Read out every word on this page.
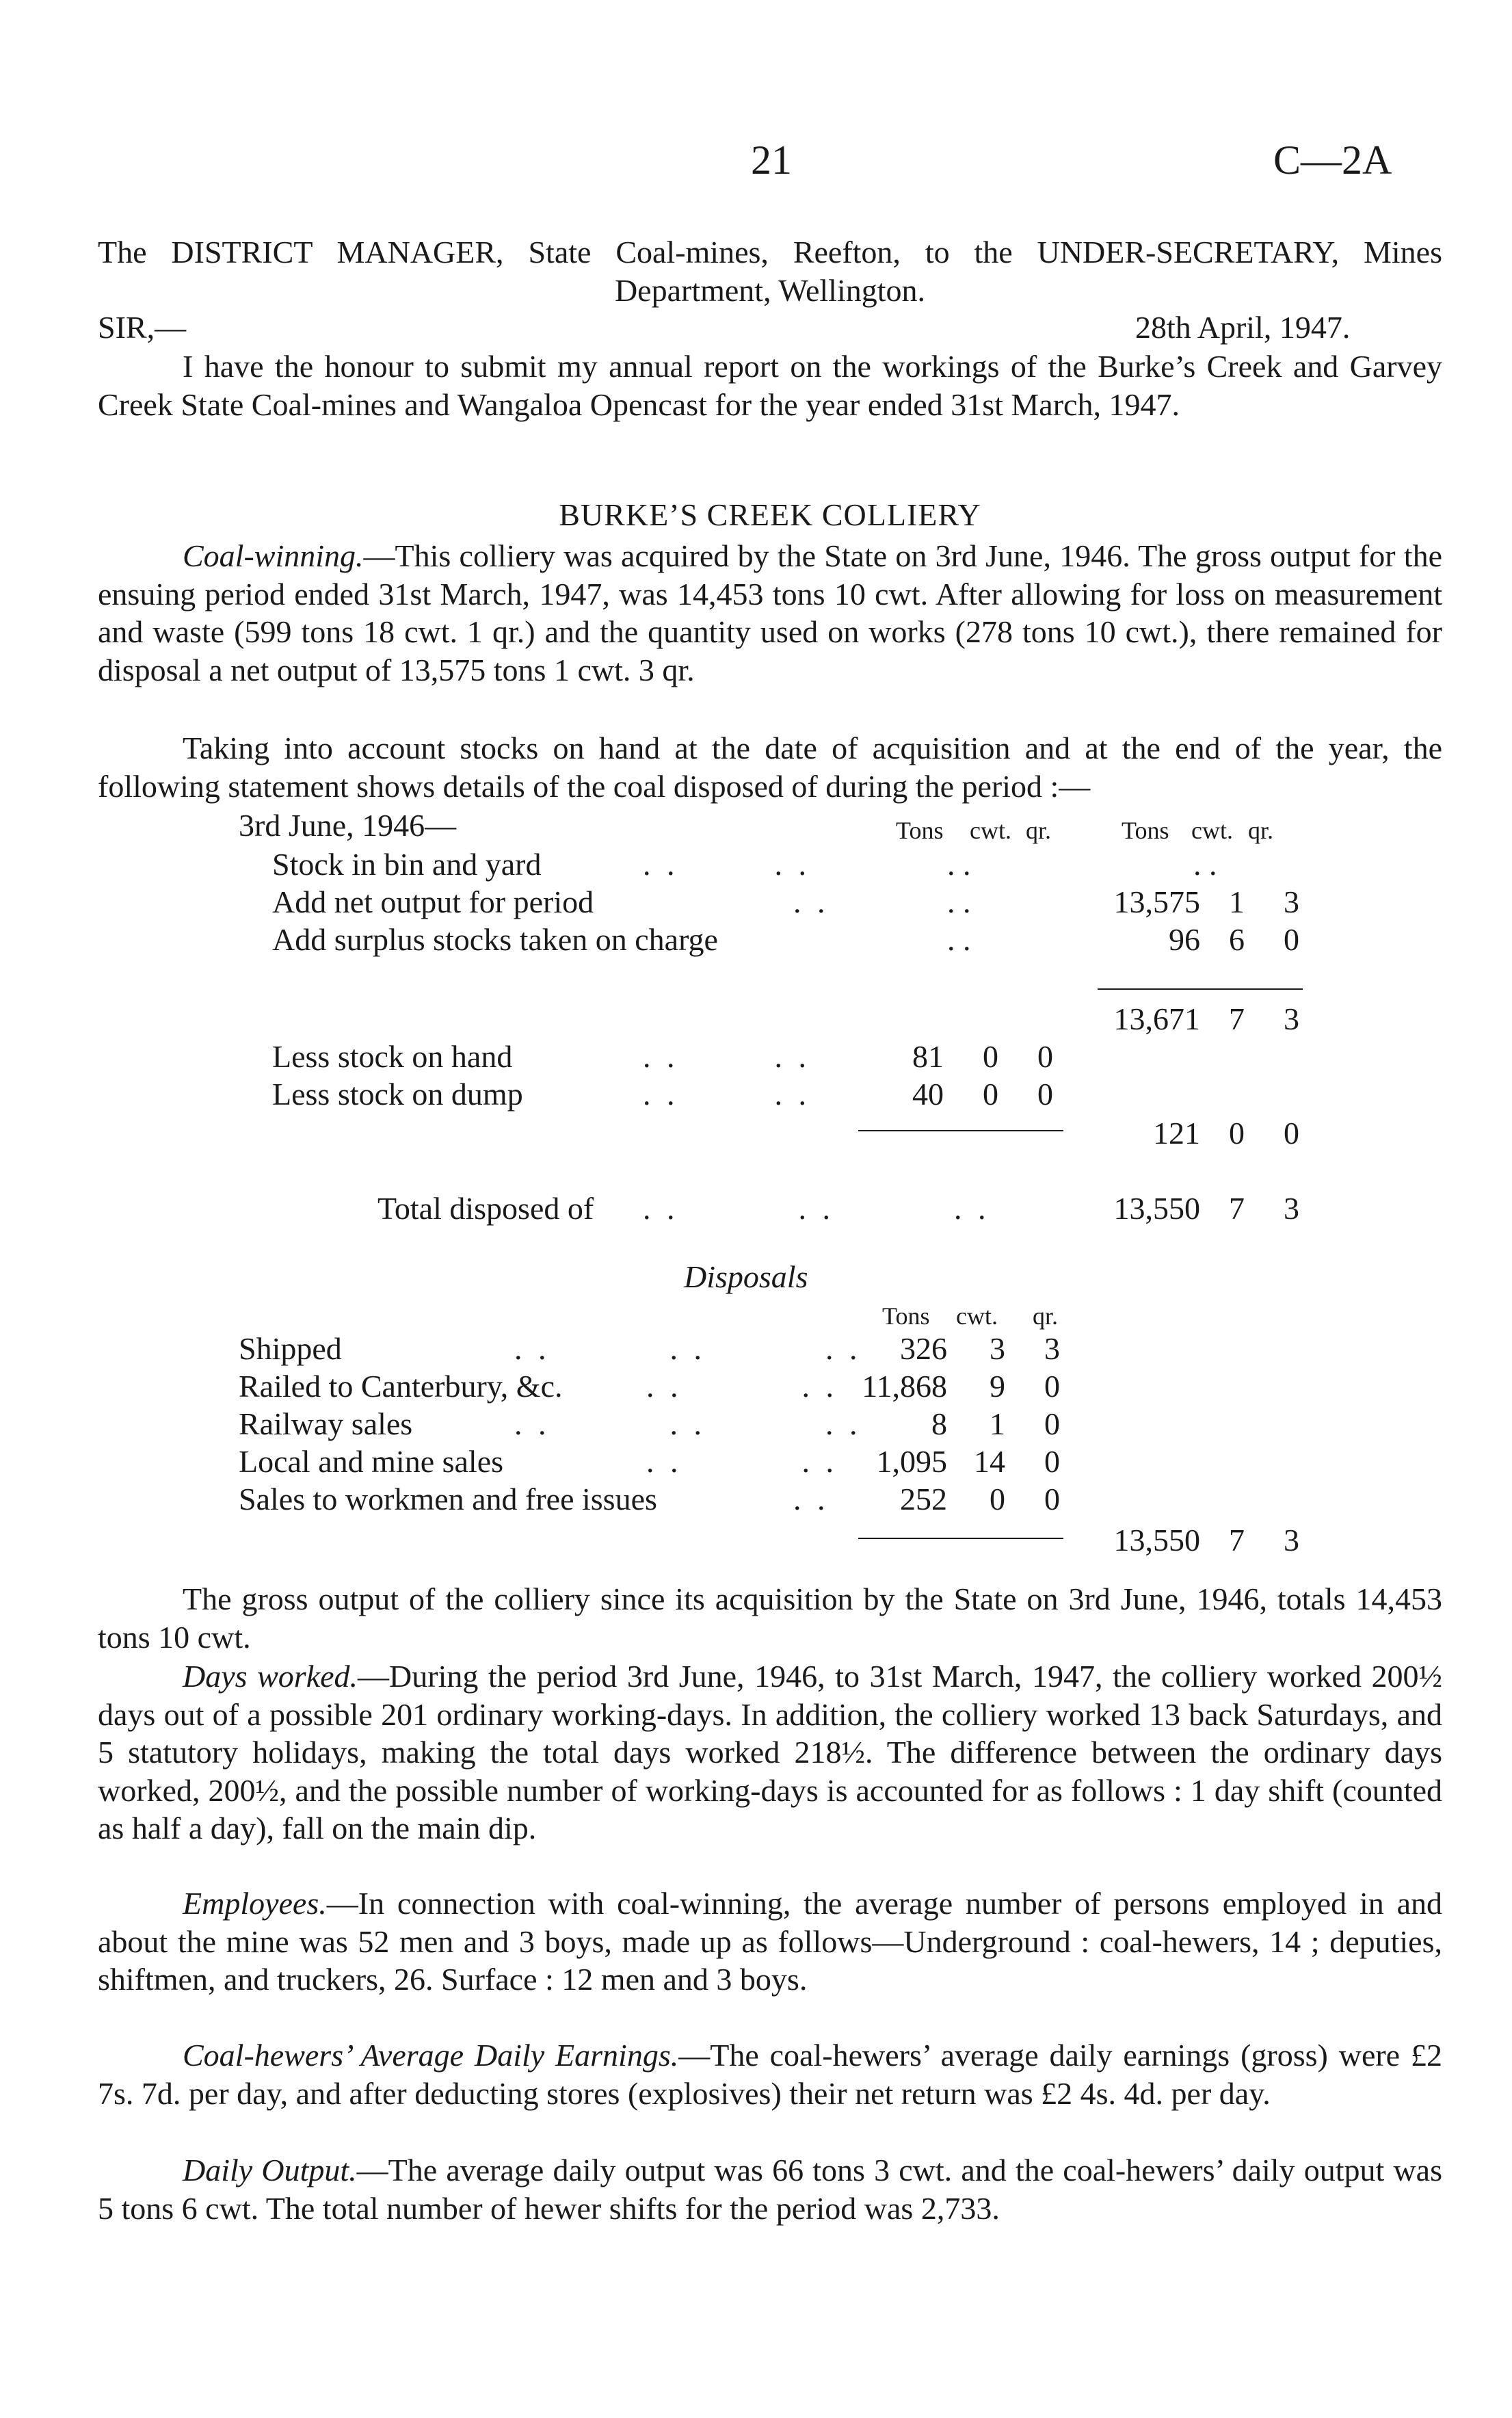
21	C—2A
The DISTRICT MANAGER, State Coal-mines, Reefton, to the UNDER-SECRETARY, Mines
Department, Wellington.
SIR,—	28th April, 1947.
I have the honour to submit my annual report on the workings of the Burke’s Creek and Garvey Creek State Coal-mines and Wangaloa Opencast for the year ended 31st March, 1947.
BURKE’S CREEK COLLIERY
Coal-winning.—This colliery was acquired by the State on 3rd June, 1946. The gross output for the ensuing period ended 31st March, 1947, was 14,453 tons 10 cwt. After allowing for loss on measurement and waste (599 tons 18 cwt. 1 qr.) and the quantity used on works (278 tons 10 cwt.), there remained for disposal a net output of 13,575 tons 1 cwt. 3 qr.
Taking into account stocks on hand at the date of acquisition and at the end of the year, the following statement shows details of the coal disposed of during the period :—
3rd June, 1946—	Tons cwt. qr.	Tons cwt. qr.
Stock in bin and yard	. .        . .	. .	. .
Add net output for period	. .	. .	13,575 1	3
Add surplus stocks taken on charge	. .	96 6	0
13,671 7	3
Less stock on hand	. .        . .	81	0	0
Less stock on dump	. .        . .	40	0	0
121 0	0
Total disposed of . .          . .          . .	13,550 7	3
Disposals
Tons cwt. qr.
Shipped	. .          . .          . .	326	3	3
Railed to Canterbury, &c.	. .          . . 11,868	9	0
Railway sales	. .          . .          . .	8	1	0
Local and mine sales	. .          . .	1,095 14	0
Sales to workmen and free issues	. .	252	0	0
13,550 7	3
The gross output of the colliery since its acquisition by the State on 3rd June, 1946, totals 14,453 tons 10 cwt.
Days worked.—During the period 3rd June, 1946, to 31st March, 1947, the colliery worked 200½ days out of a possible 201 ordinary working-days. In addition, the colliery worked 13 back Saturdays, and 5 statutory holidays, making the total days worked 218½. The difference between the ordinary days worked, 200½, and the possible number of working-days is accounted for as follows : 1 day shift (counted as half a day), fall on the main dip.
Employees.—In connection with coal-winning, the average number of persons employed in and about the mine was 52 men and 3 boys, made up as follows—Underground : coal-hewers, 14 ; deputies, shiftmen, and truckers, 26. Surface : 12 men and 3 boys.
Coal-hewers’ Average Daily Earnings.—The coal-hewers’ average daily earnings (gross) were £2 7s. 7d. per day, and after deducting stores (explosives) their net return was £2 4s. 4d. per day.
Daily Output.—The average daily output was 66 tons 3 cwt. and the coal-hewers’ daily output was 5 tons 6 cwt. The total number of hewer shifts for the period was 2,733.
